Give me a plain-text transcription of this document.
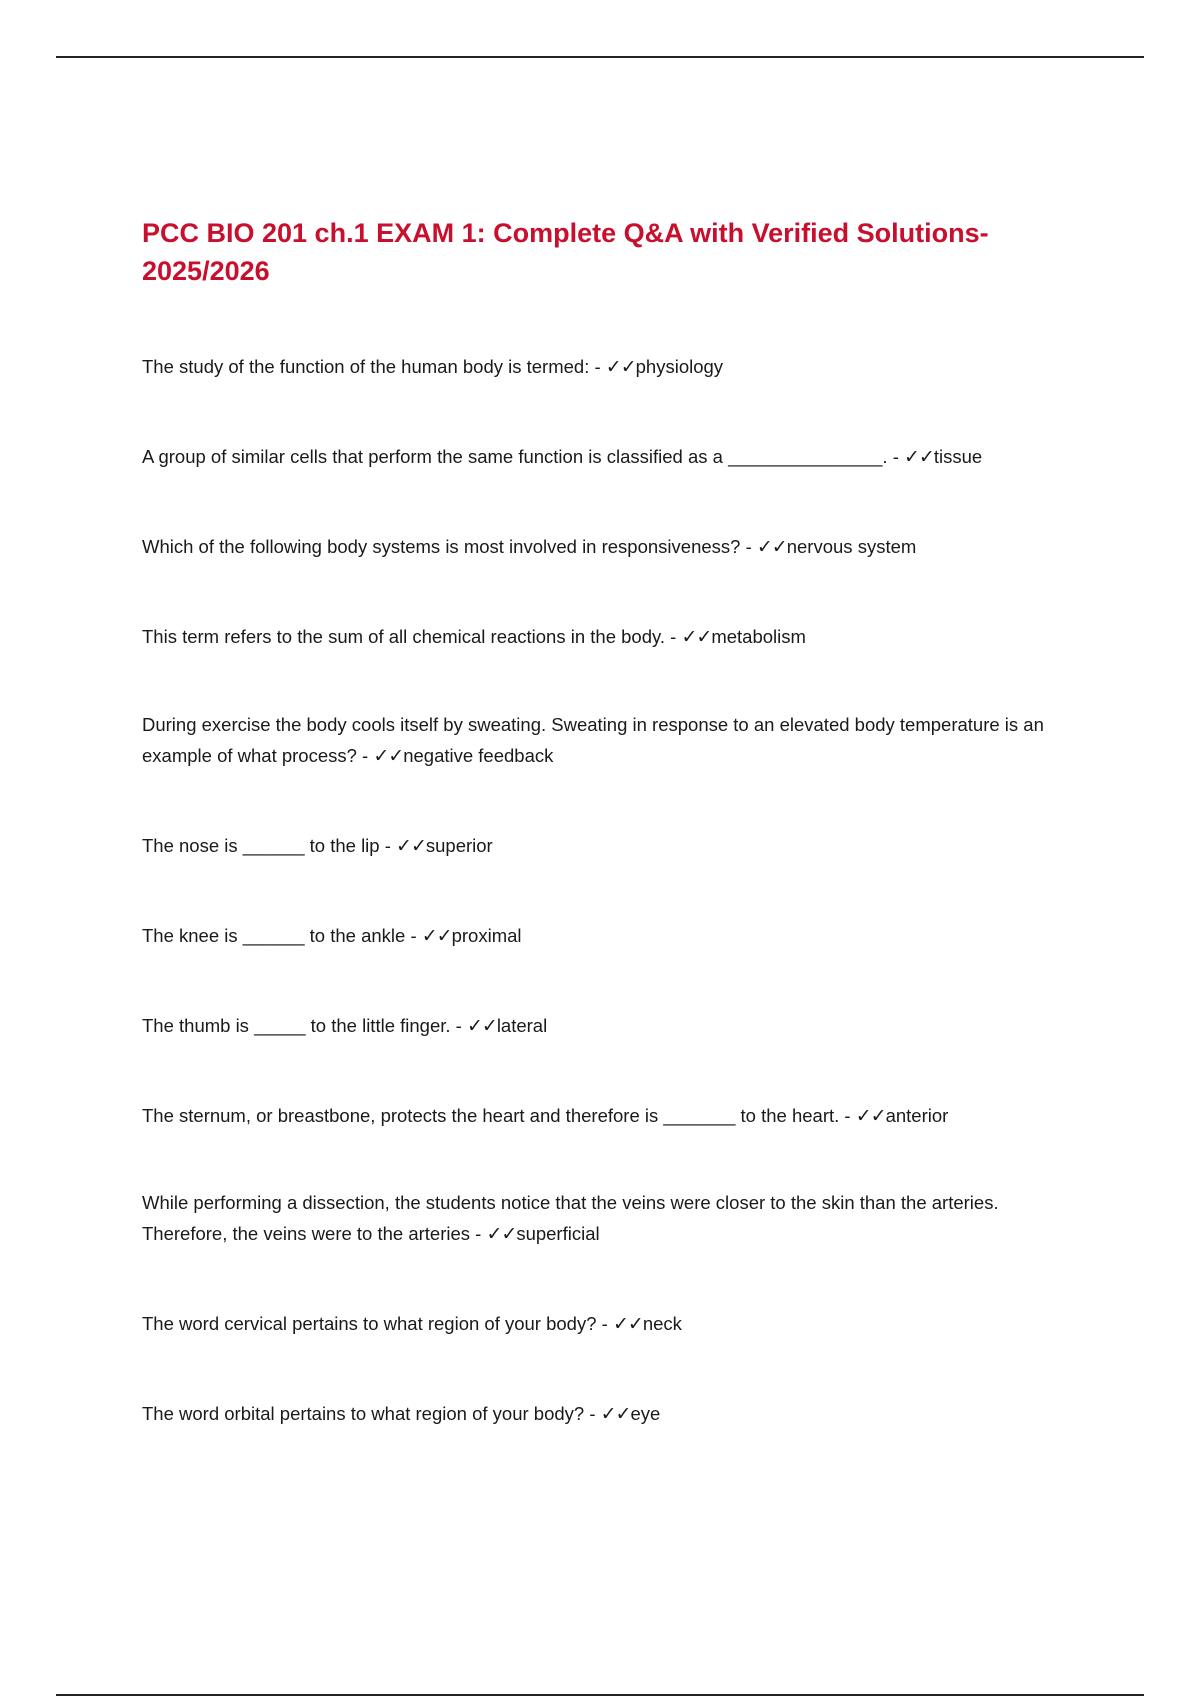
PCC BIO 201 ch.1 EXAM 1: Complete Q&A with Verified Solutions-2025/2026

The study of the function of the human body is termed: - ✓✓physiology

A group of similar cells that perform the same function is classified as a _______________. - ✓✓tissue

Which of the following body systems is most involved in responsiveness? - ✓✓nervous system

This term refers to the sum of all chemical reactions in the body. - ✓✓metabolism

During exercise the body cools itself by sweating. Sweating in response to an elevated body temperature is an example of what process? - ✓✓negative feedback

The nose is ______ to the lip - ✓✓superior

The knee is ______ to the ankle - ✓✓proximal

The thumb is _____ to the little finger. - ✓✓lateral

The sternum, or breastbone, protects the heart and therefore is _______ to the heart. - ✓✓anterior

While performing a dissection, the students notice that the veins were closer to the skin than the arteries. Therefore, the veins were to the arteries - ✓✓superficial

The word cervical pertains to what region of your body? - ✓✓neck

The word orbital pertains to what region of your body? - ✓✓eye
